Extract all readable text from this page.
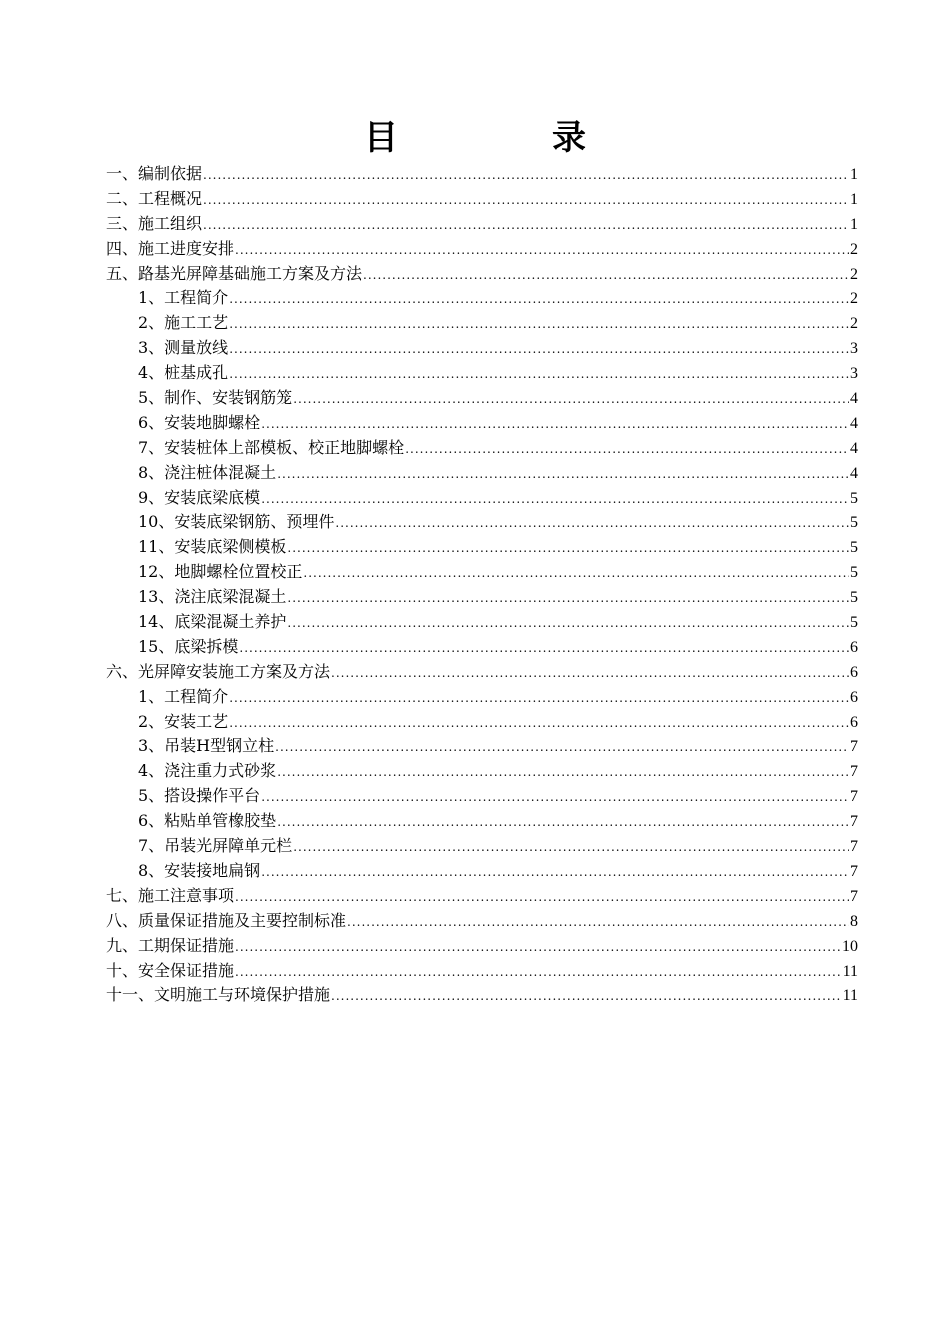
目　录
一、编制依据 .....	1
二、工程概况 .....	1
三、施工组织 .....	1
四、施工进度安排 .....	2
五、路基光屏障基础施工方案及方法 .....	2
1、工程简介 .....	2
2、施工工艺 .....	2
3、测量放线 .....	3
4、桩基成孔 .....	3
5、制作、安装钢筋笼 .....	4
6、安装地脚螺栓 .....	4
7、安装桩体上部模板、校正地脚螺栓 .....	4
8、浇注桩体混凝土 .....	4
9、安装底梁底模 .....	5
10、安装底梁钢筋、预埋件 .....	5
11、安装底梁侧模板 .....	5
12、地脚螺栓位置校正 .....	5
13、浇注底梁混凝土 .....	5
14、底梁混凝土养护 .....	5
15、底梁拆模 .....	6
六、光屏障安装施工方案及方法 .....	6
1、工程简介 .....	6
2、安装工艺 .....	6
3、吊装H型钢立柱 .....	7
4、浇注重力式砂浆 .....	7
5、搭设操作平台 .....	7
6、粘贴单管橡胶垫 .....	7
7、吊装光屏障单元栏 .....	7
8、安装接地扁钢 .....	7
七、施工注意事项 .....	7
八、质量保证措施及主要控制标准 .....	8
九、工期保证措施 .....	10
十、安全保证措施 .....	11
十一、文明施工与环境保护措施 .....	11
